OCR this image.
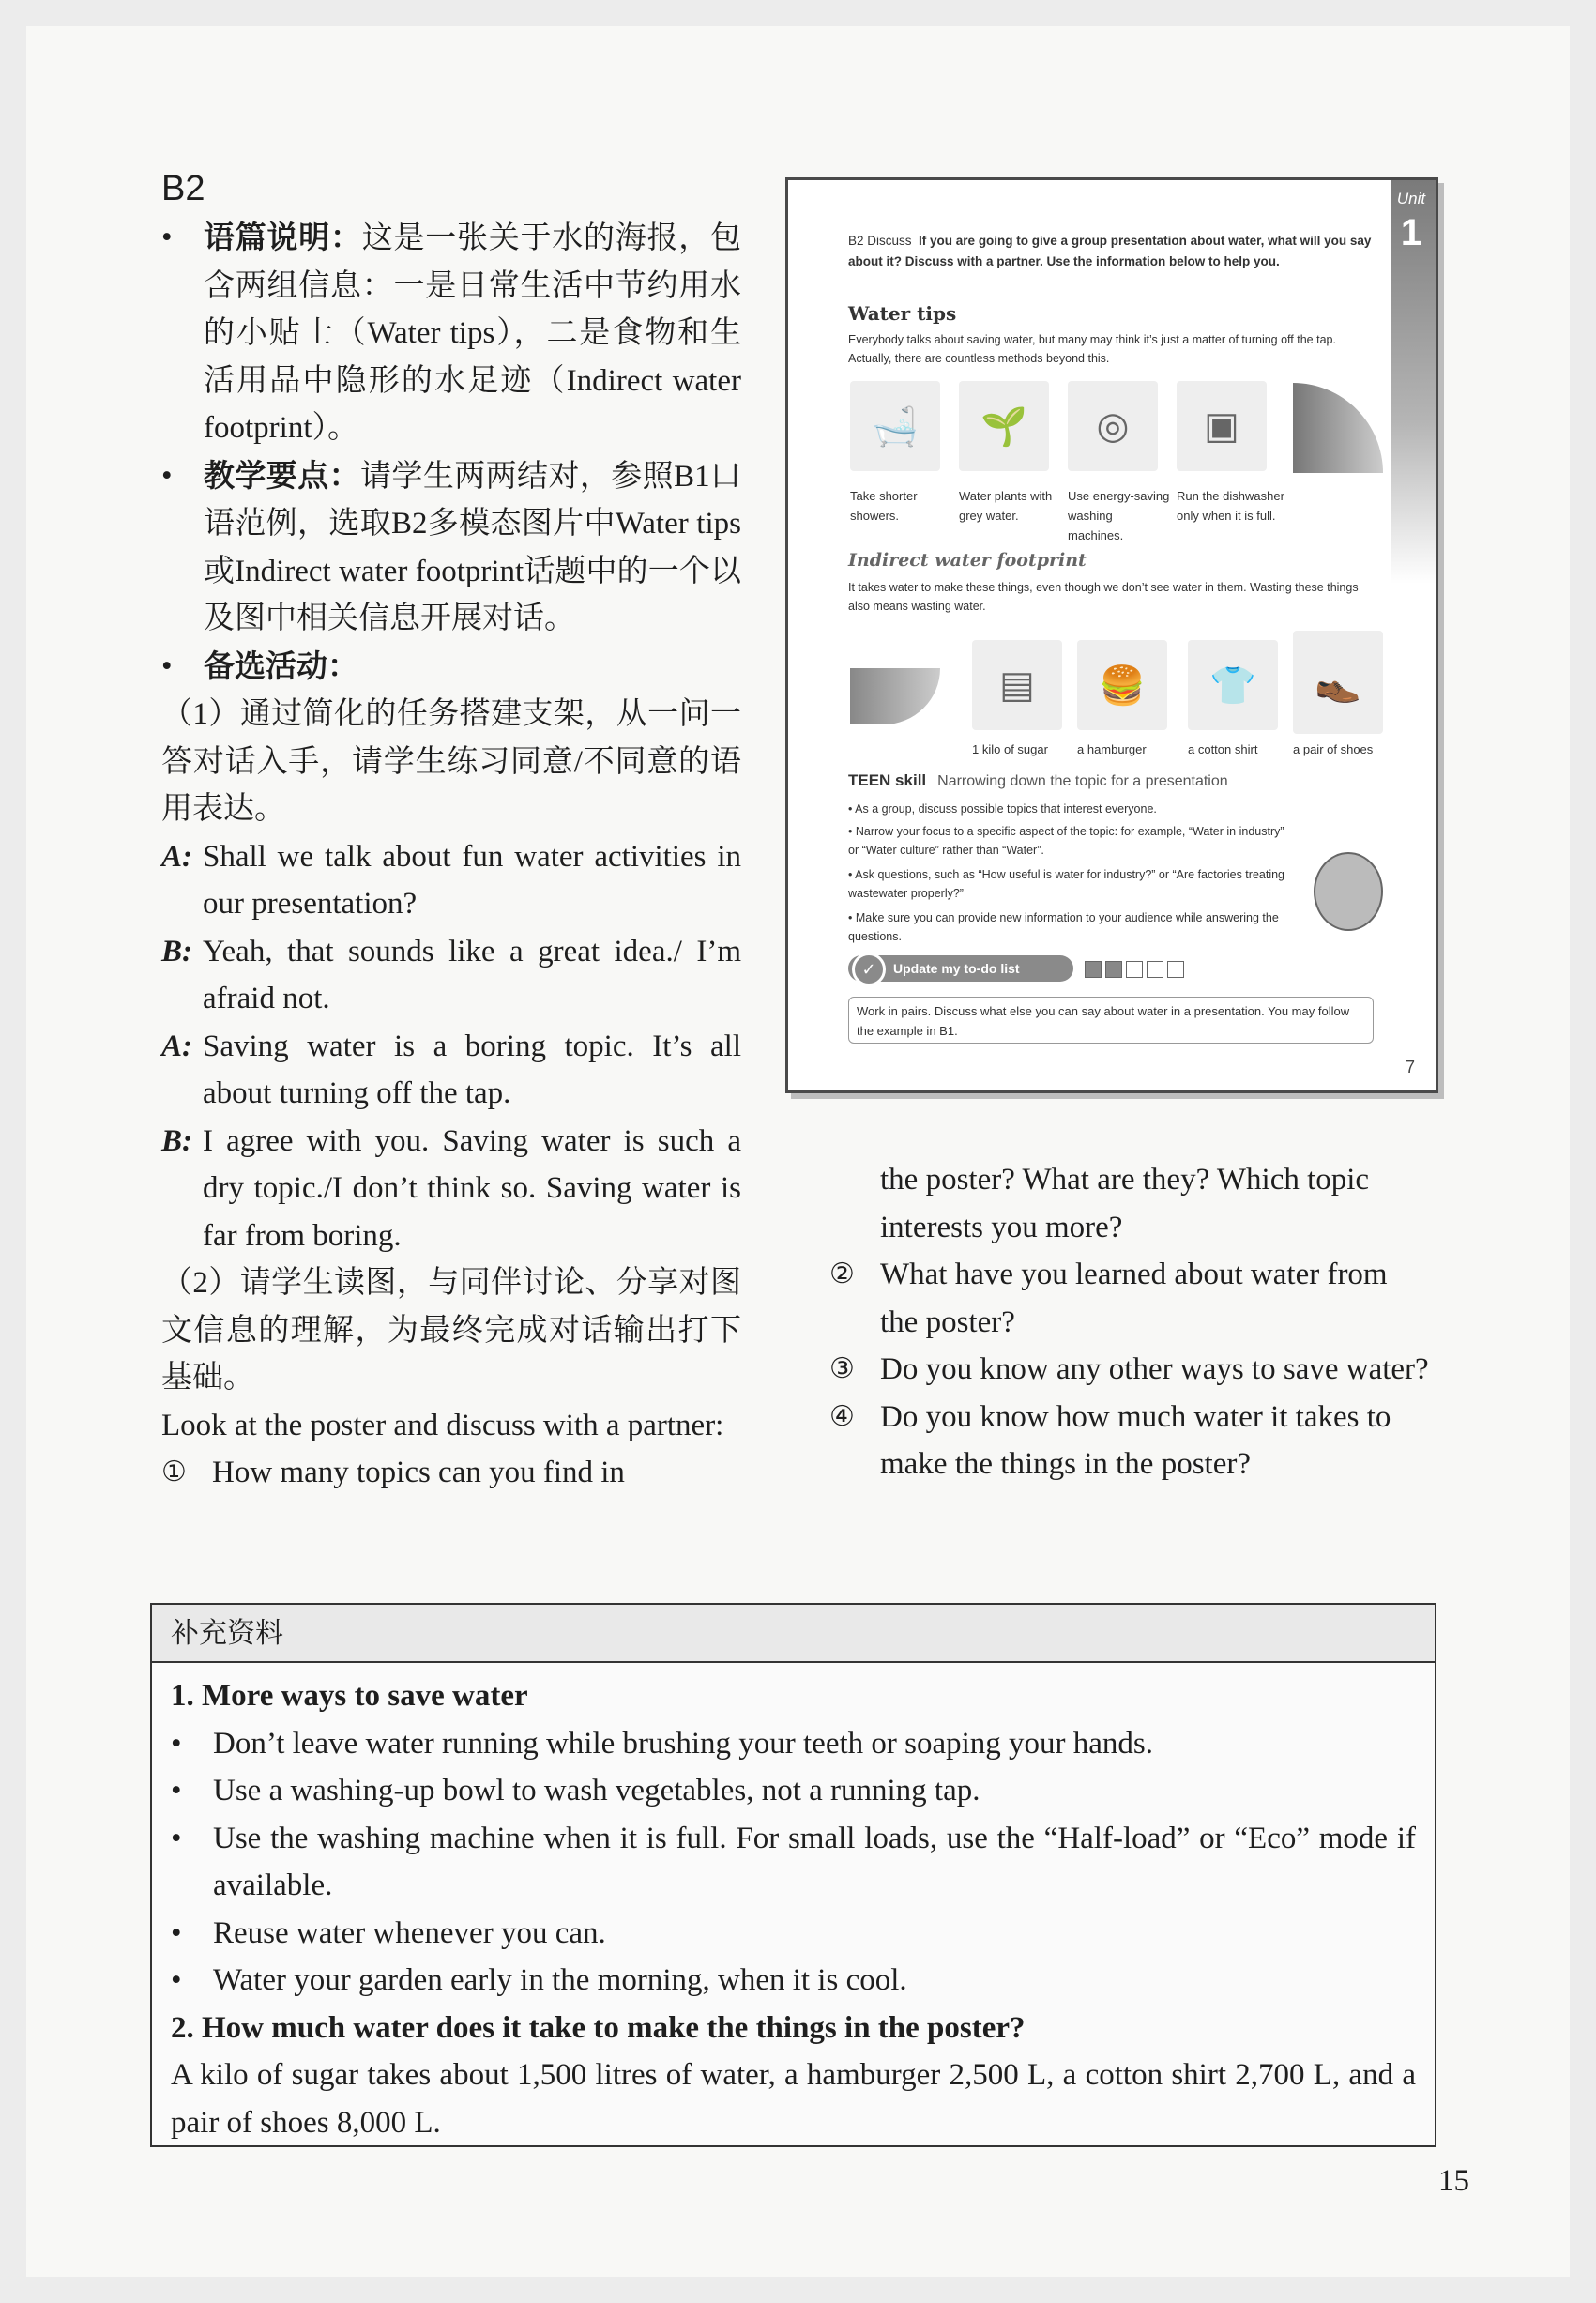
B2
• 语篇说明：这是一张关于水的海报，包含两组信息：一是日常生活中节约用水的小贴士（Water tips），二是食物和生活用品中隐形的水足迹（Indirect water footprint）。
• 教学要点：请学生两两结对，参照B1口语范例，选取B2多模态图片中Water tips或Indirect water footprint话题中的一个以及图中相关信息开展对话。
• 备选活动：
（1）通过简化的任务搭建支架，从一问一答对话入手，请学生练习同意/不同意的语用表达。
A: Shall we talk about fun water activities in our presentation?
B: Yeah, that sounds like a great idea./ I’m afraid not.
A: Saving water is a boring topic. It’s all about turning off the tap.
B: I agree with you. Saving water is such a dry topic./I don’t think so. Saving water is far from boring.
（2）请学生读图，与同伴讨论、分享对图文信息的理解，为最终完成对话输出打下基础。
Look at the poster and discuss with a partner:
① How many topics can you find in
Unit
1
B2 Discuss If you are going to give a group presentation about water, what will you say about it? Discuss with a partner. Use the information below to help you.
Water tips
Everybody talks about saving water, but many may think it’s just a matter of turning off the tap. Actually, there are countless methods beyond this.
🛁	🌱	◎	▣
Take shorter showers.
Water plants with grey water.
Use energy-saving washing machines.
Run the dishwasher only when it is full.
Indirect water footprint
It takes water to make these things, even though we don’t see water in them. Wasting these things also means wasting water.
▤	🍔	👕	👞
1 kilo of sugar	a hamburger	a cotton shirt	a pair of shoes
TEEN skill Narrowing down the topic for a presentation
• As a group, discuss possible topics that interest everyone.
• Narrow your focus to a specific aspect of the topic: for example, “Water in industry” or “Water culture” rather than “Water”.
• Ask questions, such as “How useful is water for industry?” or “Are factories treating wastewater properly?”
• Make sure you can provide new information to your audience while answering the questions.
✓	Update my to-do list
Work in pairs. Discuss what else you can say about water in a presentation. You may follow the example in B1.
7
the poster? What are they? Which topic interests you more?
② What have you learned about water from the poster?
③ Do you know any other ways to save water?
④ Do you know how much water it takes to make the things in the poster?
补充资料
1. More ways to save water
• Don’t leave water running while brushing your teeth or soaping your hands.
• Use a washing-up bowl to wash vegetables, not a running tap.
• Use the washing machine when it is full. For small loads, use the “Half-load” or “Eco” mode if available.
• Reuse water whenever you can.
• Water your garden early in the morning, when it is cool.
2. How much water does it take to make the things in the poster?
A kilo of sugar takes about 1,500 litres of water, a hamburger 2,500 L, a cotton shirt 2,700 L, and a pair of shoes 8,000 L.
15
